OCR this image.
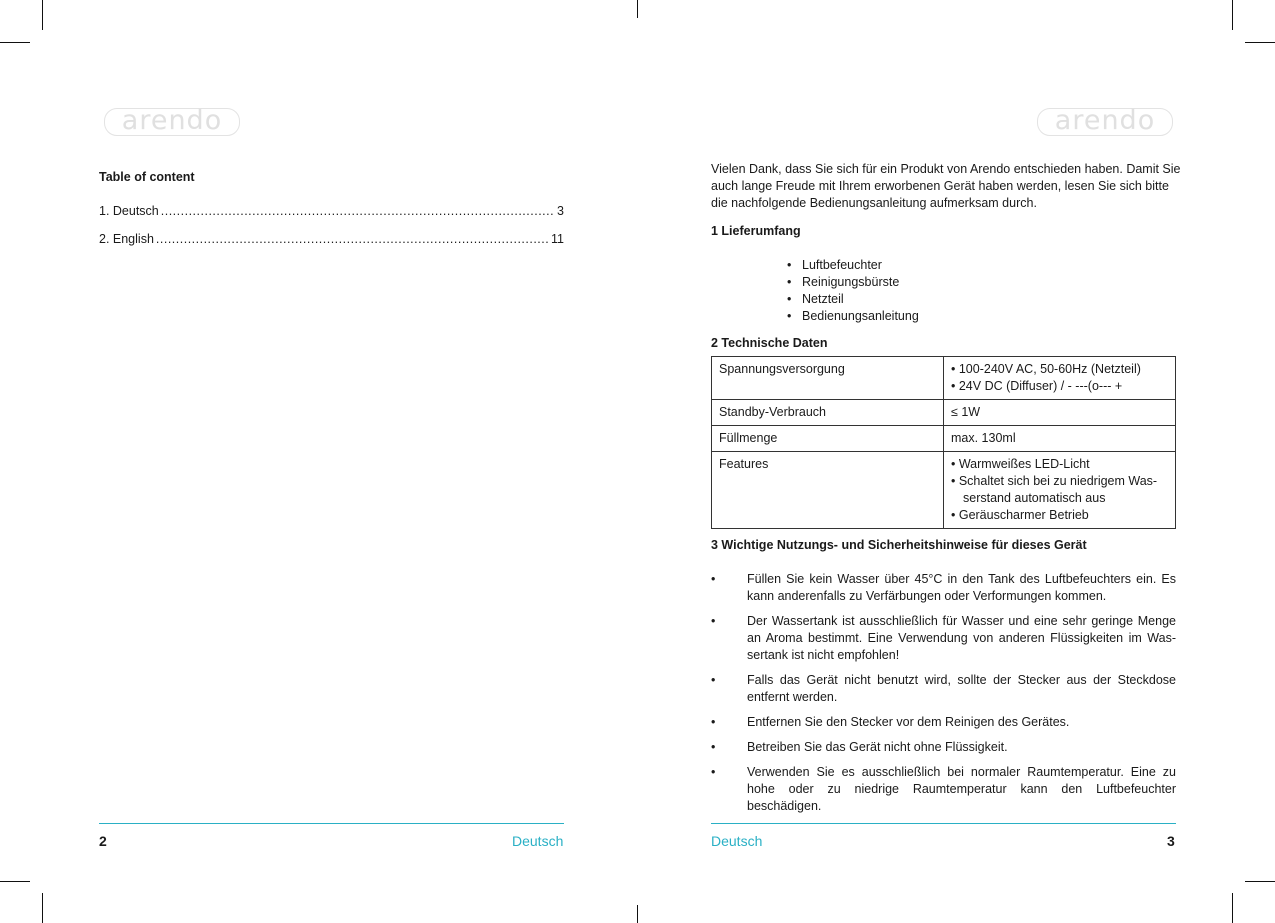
arendo	arendo
Table of content
1. Deutsch .....	3
2. English .....	11
Vielen Dank, dass Sie sich für ein Produkt von Arendo entschieden haben. Damit Sie auch lange Freude mit Ihrem erworbenen Gerät haben werden, lesen Sie sich bitte die nachfolgende Bedienungsanleitung aufmerksam durch.
1 Lieferumfang
• Luftbefeuchter
• Reinigungsbürste
• Netzteil
• Bedienungsanleitung
2 Technische Daten
Spannungsversorgung	• 100-240V AC, 50-60Hz (Netzteil)
• 24V DC (Diffuser) / - ---(o--- +

Standby-Verbrauch	≤ 1W

Füllmenge	max. 130ml

Features	• Warmweißes LED-Licht
• Schaltet sich bei zu niedrigem Was-serstand automatisch aus
• Geräuscharmer Betrieb
3 Wichtige Nutzungs- und Sicherheitshinweise für dieses Gerät
•	Füllen Sie kein Wasser über 45°C in den Tank des Luftbefeuchters ein. Es kann anderenfalls zu Verfärbungen oder Verformungen kommen.
•	Der Wassertank ist ausschließlich für Wasser und eine sehr geringe Menge an Aroma bestimmt. Eine Verwendung von anderen Flüssigkeiten im Was-sertank ist nicht empfohlen!
•	Falls das Gerät nicht benutzt wird, sollte der Stecker aus der Steckdose entfernt werden.
•	Entfernen Sie den Stecker vor dem Reinigen des Gerätes.
•	Betreiben Sie das Gerät nicht ohne Flüssigkeit.
•	Verwenden Sie es ausschließlich bei normaler Raumtemperatur. Eine zu hohe oder zu niedrige Raumtemperatur kann den Luftbefeuchter beschädigen.
2	Deutsch	Deutsch	3
